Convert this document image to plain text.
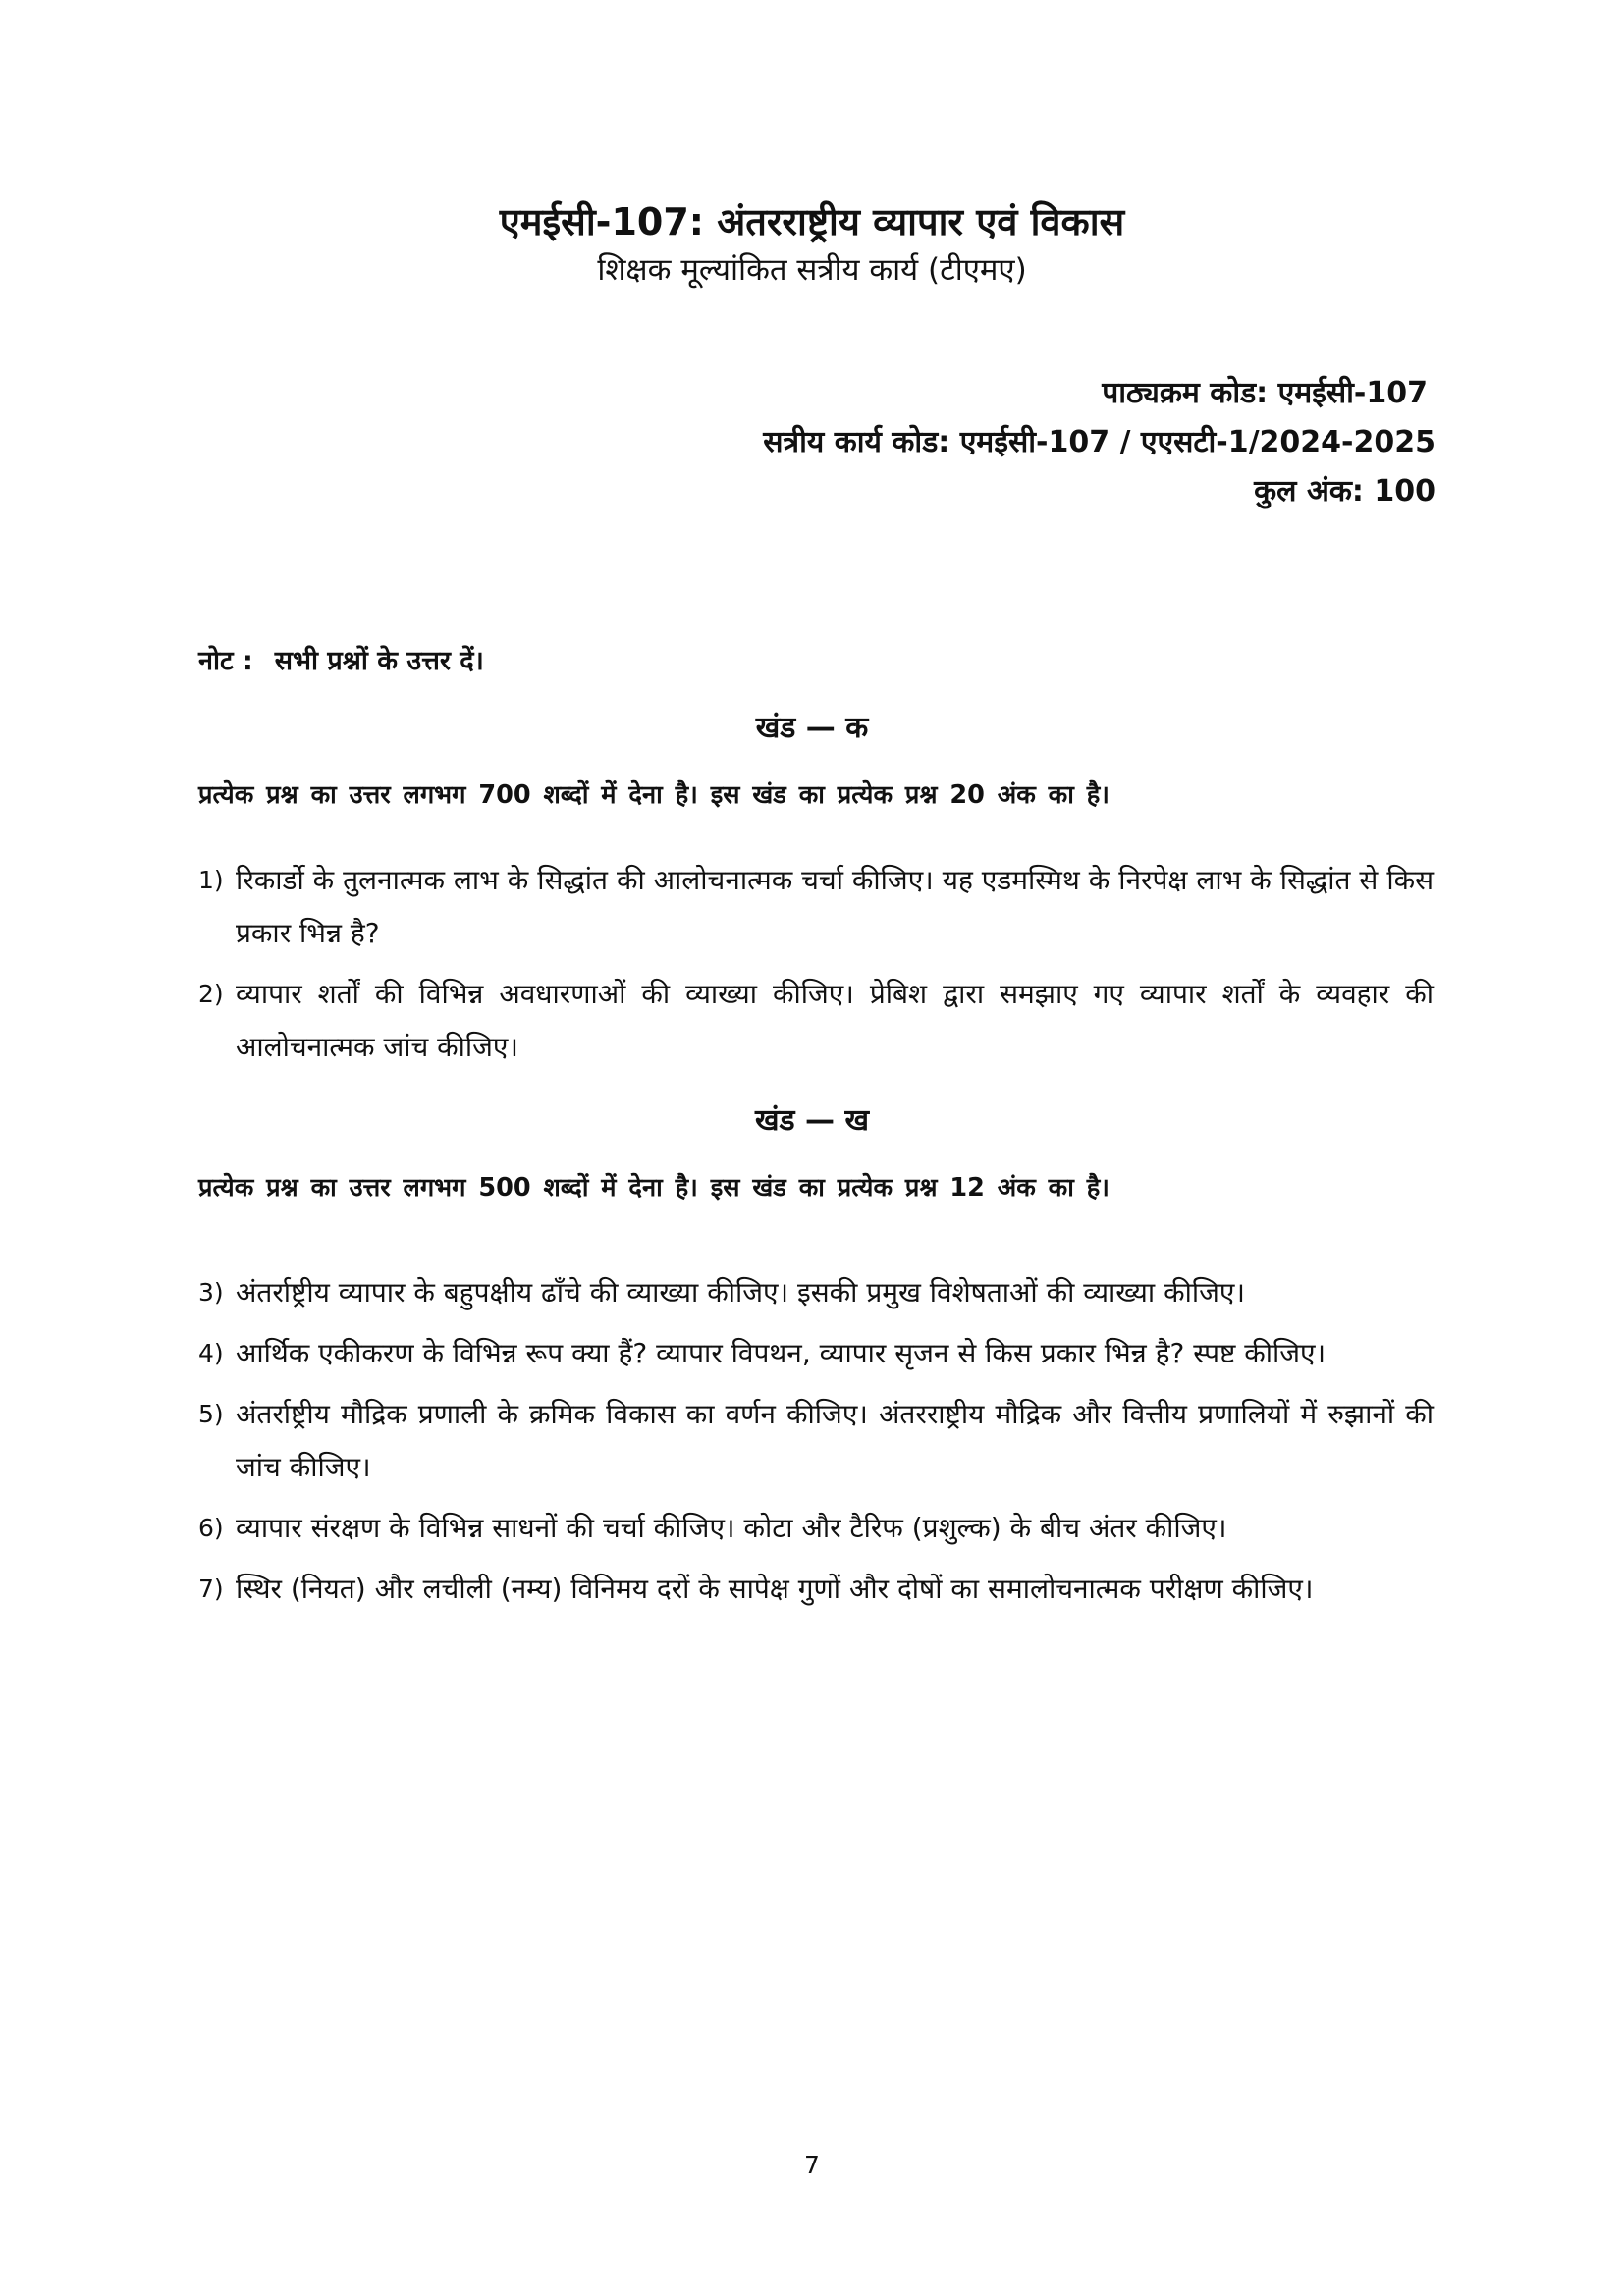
एमईसी-107: अंतरराष्ट्रीय व्यापार एवं विकास

शिक्षक मूल्यांकित सत्रीय कार्य (टीएमए)

पाठ्यक्रम कोड: एमईसी-107
सत्रीय कार्य कोड: एमईसी-107 / एएसटी-1/2024-2025
कुल अंक: 100
नोट : सभी प्रश्नों के उत्तर दें।
खंड — क
प्रत्येक प्रश्न का उत्तर लगभग 700 शब्दों में देना है। इस खंड का प्रत्येक प्रश्न 20 अंक का है।
1) रिकार्डो के तुलनात्मक लाभ के सिद्धांत की आलोचनात्मक चर्चा कीजिए। यह एडमस्मिथ के निरपेक्ष लाभ के सिद्धांत से किस प्रकार भिन्न है?
2) व्यापार शर्तों की विभिन्न अवधारणाओं की व्याख्या कीजिए। प्रेबिश द्वारा समझाए गए व्यापार शर्तों के व्यवहार की आलोचनात्मक जांच कीजिए।
खंड — ख
प्रत्येक प्रश्न का उत्तर लगभग 500 शब्दों में देना है। इस खंड का प्रत्येक प्रश्न 12 अंक का है।
3) अंतर्राष्ट्रीय व्यापार के बहुपक्षीय ढाँचे की व्याख्या कीजिए। इसकी प्रमुख विशेषताओं की व्याख्या कीजिए।
4) आर्थिक एकीकरण के विभिन्न रूप क्या हैं? व्यापार विपथन, व्यापार सृजन से किस प्रकार भिन्न है? स्पष्ट कीजिए।
5) अंतर्राष्ट्रीय मौद्रिक प्रणाली के क्रमिक विकास का वर्णन कीजिए। अंतरराष्ट्रीय मौद्रिक और वित्तीय प्रणालियों में रुझानों की जांच कीजिए।
6) व्यापार संरक्षण के विभिन्न साधनों की चर्चा कीजिए। कोटा और टैरिफ (प्रशुल्क) के बीच अंतर कीजिए।
7) स्थिर (नियत) और लचीली (नम्य) विनिमय दरों के सापेक्ष गुणों और दोषों का समालोचनात्मक परीक्षण कीजिए।
7
